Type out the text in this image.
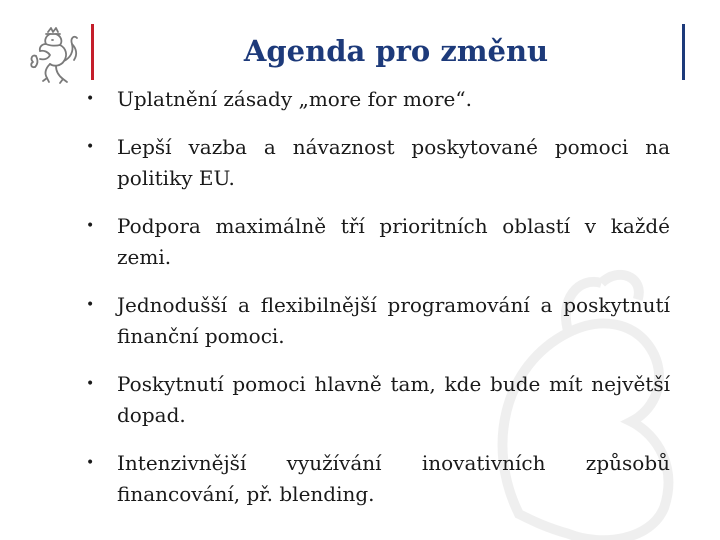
Agenda pro změnu
• Uplatnění zásady „more for more“.
• Lepší vazba a návaznost poskytované pomoci na politiky EU.
• Podpora maximálně tří prioritních oblastí v každé zemi.
• Jednodušší a flexibilnější programování a poskytnutí finanční pomoci.
• Poskytnutí pomoci hlavně tam, kde bude mít největší dopad.
• Intenzivnější využívání inovativních způsobů financování, př. blending.
